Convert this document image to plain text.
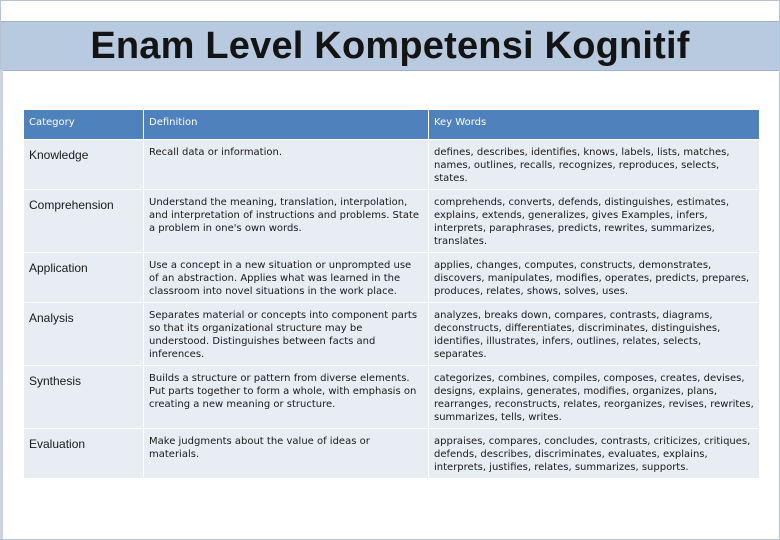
Enam Level Kompetensi Kognitif
Category	Definition	Key Words
Knowledge	Recall data or information.	defines, describes, identifies, knows, labels, lists, matches, names, outlines, recalls, recognizes, reproduces, selects, states.
Comprehension	Understand the meaning, translation, interpolation, and interpretation of instructions and problems. State a problem in one's own words.	comprehends, converts, defends, distinguishes, estimates, explains, extends, generalizes, gives Examples, infers, interprets, paraphrases, predicts, rewrites, summarizes, translates.
Application	Use a concept in a new situation or unprompted use of an abstraction. Applies what was learned in the classroom into novel situations in the work place.	applies, changes, computes, constructs, demonstrates, discovers, manipulates, modifies, operates, predicts, prepares, produces, relates, shows, solves, uses.
Analysis	Separates material or concepts into component parts so that its organizational structure may be understood. Distinguishes between facts and inferences.	analyzes, breaks down, compares, contrasts, diagrams, deconstructs, differentiates, discriminates, distinguishes, identifies, illustrates, infers, outlines, relates, selects, separates.
Synthesis	Builds a structure or pattern from diverse elements. Put parts together to form a whole, with emphasis on creating a new meaning or structure.	categorizes, combines, compiles, composes, creates, devises, designs, explains, generates, modifies, organizes, plans, rearranges, reconstructs, relates, reorganizes, revises, rewrites, summarizes, tells, writes.
Evaluation	Make judgments about the value of ideas or materials.	appraises, compares, concludes, contrasts, criticizes, critiques, defends, describes, discriminates, evaluates, explains, interprets, justifies, relates, summarizes, supports.
